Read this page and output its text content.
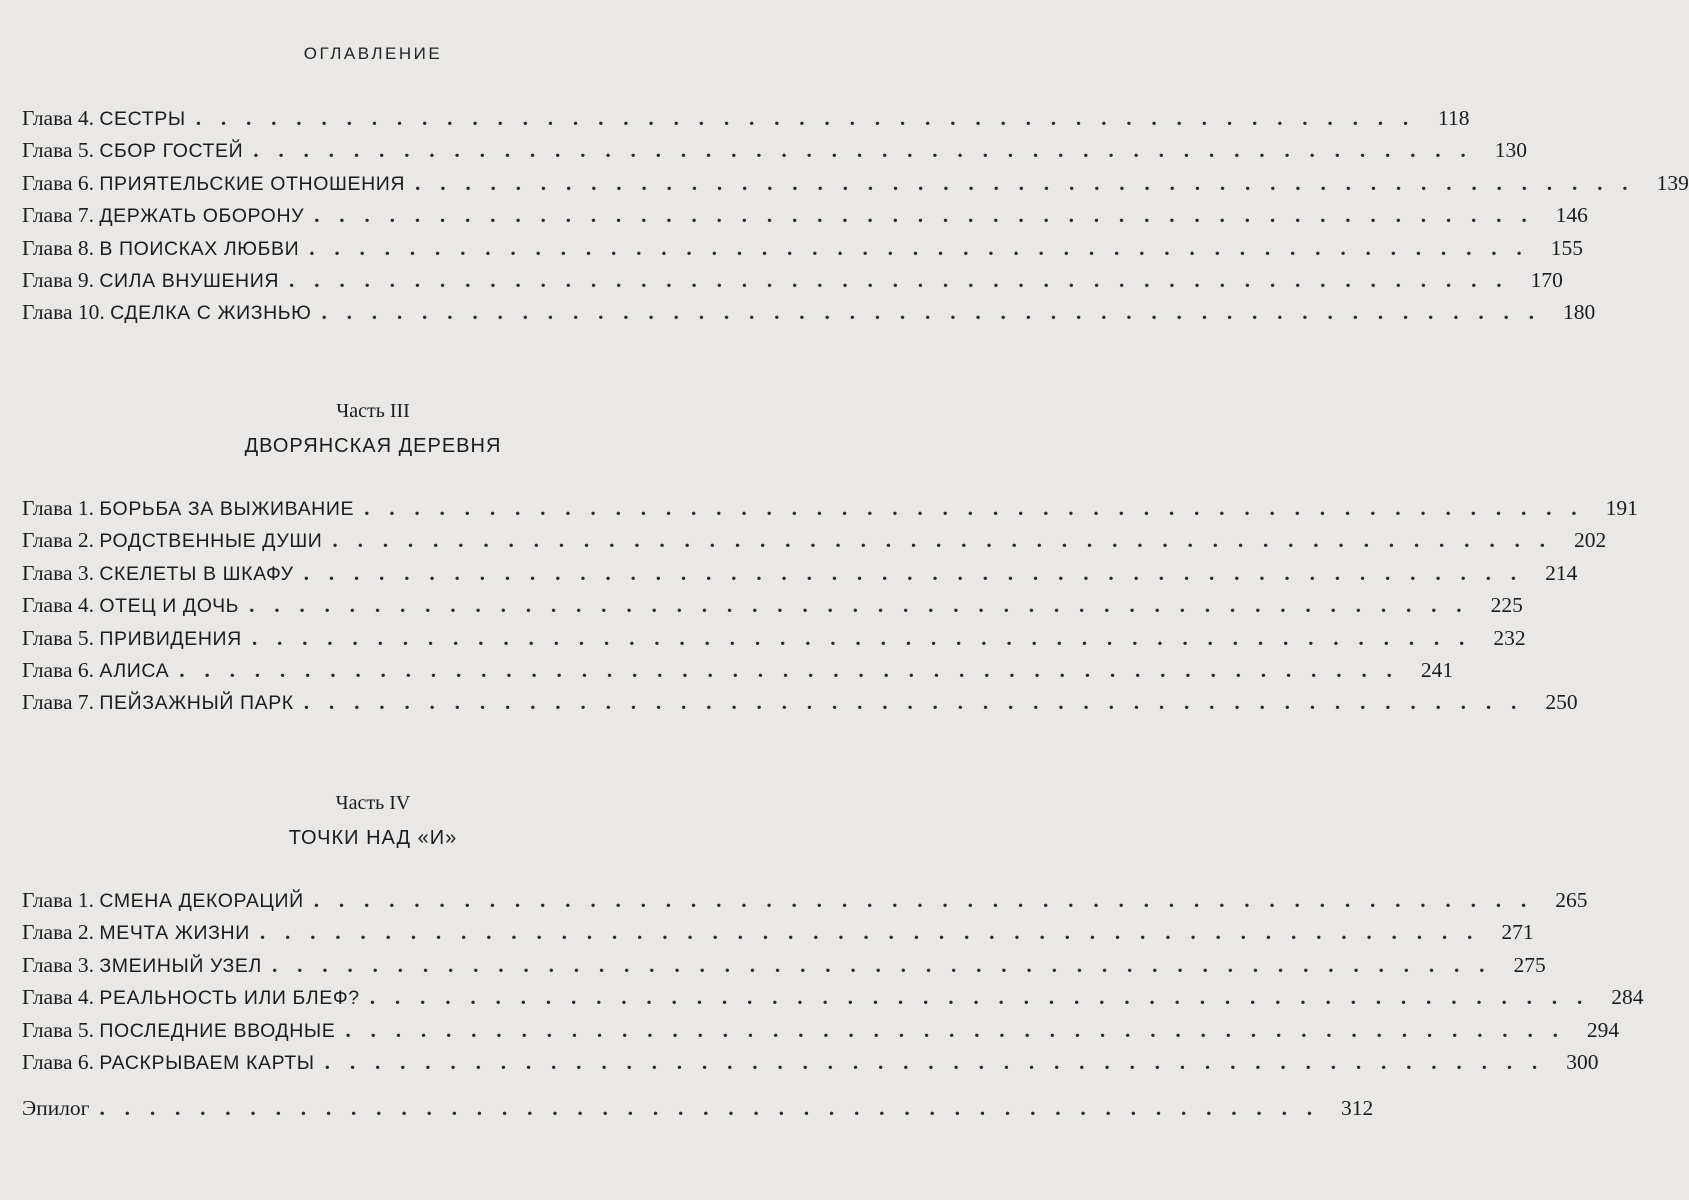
ОГЛАВЛЕНИЕ
Глава 4. СЕСТРЫ . . . . . . . . . . . . . . . . . . . . . . . . . . . . . . . . . . . . . . . . . . . . . . . . .	118
Глава 5. СБОР ГОСТЕЙ . . . . . . . . . . . . . . . . . . . . . . . . . . . . . . . . . . . . . . . . . . . . . . . . .	130
Глава 6. ПРИЯТЕЛЬСКИЕ ОТНОШЕНИЯ . . . . . . . . . . . . . . . . . . . . . . . . . . . . . . . . . . . . . . . . . . . . . . . . .	139
Глава 7. ДЕРЖАТЬ ОБОРОНУ . . . . . . . . . . . . . . . . . . . . . . . . . . . . . . . . . . . . . . . . . . . . . . . . .	146
Глава 8. В ПОИСКАХ ЛЮБВИ . . . . . . . . . . . . . . . . . . . . . . . . . . . . . . . . . . . . . . . . . . . . . . . . .	155
Глава 9. СИЛА ВНУШЕНИЯ . . . . . . . . . . . . . . . . . . . . . . . . . . . . . . . . . . . . . . . . . . . . . . . . .	170
Глава 10. СДЕЛКА С ЖИЗНЬЮ . . . . . . . . . . . . . . . . . . . . . . . . . . . . . . . . . . . . . . . . . . . . . . . . .	180
Часть III
ДВОРЯНСКАЯ ДЕРЕВНЯ
Глава 1. БОРЬБА ЗА ВЫЖИВАНИЕ . . . . . . . . . . . . . . . . . . . . . . . . . . . . . . . . . . . . . . . . . . . . . . . . .	191
Глава 2. РОДСТВЕННЫЕ ДУШИ . . . . . . . . . . . . . . . . . . . . . . . . . . . . . . . . . . . . . . . . . . . . . . . . .	202
Глава 3. СКЕЛЕТЫ В ШКАФУ . . . . . . . . . . . . . . . . . . . . . . . . . . . . . . . . . . . . . . . . . . . . . . . . .	214
Глава 4. ОТЕЦ И ДОЧЬ . . . . . . . . . . . . . . . . . . . . . . . . . . . . . . . . . . . . . . . . . . . . . . . . .	225
Глава 5. ПРИВИДЕНИЯ . . . . . . . . . . . . . . . . . . . . . . . . . . . . . . . . . . . . . . . . . . . . . . . . .	232
Глава 6. АЛИСА . . . . . . . . . . . . . . . . . . . . . . . . . . . . . . . . . . . . . . . . . . . . . . . . .	241
Глава 7. ПЕЙЗАЖНЫЙ ПАРК . . . . . . . . . . . . . . . . . . . . . . . . . . . . . . . . . . . . . . . . . . . . . . . . .	250
Часть IV
ТОЧКИ НАД «И»
Глава 1. СМЕНА ДЕКОРАЦИЙ . . . . . . . . . . . . . . . . . . . . . . . . . . . . . . . . . . . . . . . . . . . . . . . . .	265
Глава 2. МЕЧТА ЖИЗНИ . . . . . . . . . . . . . . . . . . . . . . . . . . . . . . . . . . . . . . . . . . . . . . . . .	271
Глава 3. ЗМЕИНЫЙ УЗЕЛ . . . . . . . . . . . . . . . . . . . . . . . . . . . . . . . . . . . . . . . . . . . . . . . . .	275
Глава 4. РЕАЛЬНОСТЬ ИЛИ БЛЕФ? . . . . . . . . . . . . . . . . . . . . . . . . . . . . . . . . . . . . . . . . . . . . . . . . .	284
Глава 5. ПОСЛЕДНИЕ ВВОДНЫЕ . . . . . . . . . . . . . . . . . . . . . . . . . . . . . . . . . . . . . . . . . . . . . . . . .	294
Глава 6. РАСКРЫВАЕМ КАРТЫ . . . . . . . . . . . . . . . . . . . . . . . . . . . . . . . . . . . . . . . . . . . . . . . . .	300
Эпилог . . . . . . . . . . . . . . . . . . . . . . . . . . . . . . . . . . . . . . . . . . . . . . . . .	312
